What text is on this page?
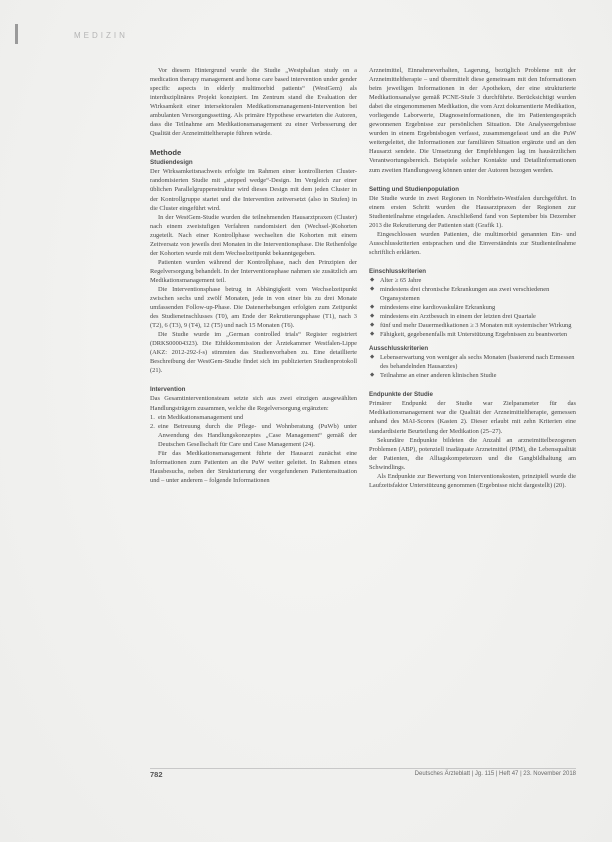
MEDIZIN

Vor diesem Hintergrund wurde die Studie „Westphalian study on a medication therapy management and home care based intervention under gender specific aspects in elderly multimorbid patients“ (WestGem) als interdisziplinäres Projekt konzipiert. Im Zentrum stand die Evaluation der Wirksamkeit einer intersektoralen Medikationsmanagement-Intervention bei ambulanten Versorgungssetting. Als primäre Hypothese erwarteten die Autoren, dass die Teilnahme am Medikationsmanagement zu einer Verbesserung der Qualität der Arzneimitteltherapie führen würde.

Methode
Studiendesign

Der Wirksamkeitsnachweis erfolgte im Rahmen einer kontrollierten Cluster-randomisierten Studie mit „stepped wedge“-Design. Im Vergleich zur einer üblichen Parallelgruppenstruktur wird dieses Design mit dem jeden Cluster in der Kontrollgruppe startet und die Intervention zeitversetzt (also in Stufen) in die Cluster eingeführt wird.

In der WestGem-Studie wurden die teilnehmenden Hausarztpraxen (Cluster) nach einem zweistufigen Verfahren randomisiert den (Wechsel-)Kohorten zugeteilt. Nach einer Kontrollphase wechselten die Kohorten mit einem Zeitversatz von jeweils drei Monaten in die Interventionsphase. Die Reihenfolge der Kohorten wurde mit dem Wechselzeitpunkt bekanntgegeben.

Patienten wurden während der Kontrollphase, nach den Prinzipien der Regelversorgung behandelt. In der Interventionsphase nahmen sie zusätzlich am Medikationsmanagement teil.

Die Interventionsphase betrug in Abhängigkeit vom Wechselzeitpunkt zwischen sechs und zwölf Monaten, jede in von einer bis zu drei Monate umfassenden Follow-up-Phase. Die Datenerhebungen erfolgten zum Zeitpunkt des Studieneinschlusses (T0), am Ende der Rekrutierungsphase (T1), nach 3 (T2), 6 (T3), 9 (T4), 12 (T5) und nach 15 Monaten (T6).

Die Studie wurde im „German controlled trials“ Register registriert (DRKS00004323). Die Ethikkommission der Ärztekammer Westfalen-Lippe (AKZ: 2012-292-f-s) stimmten das Studienvorhaben zu. Eine detaillierte Beschreibung der WestGem-Studie findet sich im publizierten Studienprotokoll (21).

Intervention

Das Gesamtinterventionsteam setzte sich aus zwei einzigen ausgewählten Handlungsträgern zusammen, welche die Regelversorgung ergänzten:

1. ein Medikationsmanagement und
2. eine Betreuung durch die Pflege- und Wohnberatung (PuWb) unter Anwendung des Handlungskonzeptes „Case Management“ gemäß der Deutschen Gesellschaft für Care und Case Management (24).

Für das Medikationsmanagement führte der Hausarzt zunächst eine Informationen zum Patienten an die PuW weiter geleitet. In Rahmen eines Hausbesuchs, neben der Strukturierung der vorgefundenen Patientensituation und – unter anderem – folgende Informationen

Arzneimittel, Einnahmeverhalten, Lagerung, bezüglich Probleme mit der Arzneimitteltherapie – und übermittelt diese gemeinsam mit den Informationen beim jeweiligen Informationen in der Apotheken, der eine strukturierte Medikationsanalyse gemäß PCNE-Stufe 3 durchführte. Berücksichtigt wurden dabei die eingenommenen Medikation, die vom Arzt dokumentierte Medikation, vorliegende Laborwerte, Diagnoseinformationen, die im Patientengespräch gewonnenen Ergebnisse zur persönlichen Situation. Die Analyseergebnisse wurden in einem Ergebnisbogen verfasst, zusammengefasst und an die PuW weitergeleitet, die Informationen zur familiären Situation ergänzte und an den Hausarzt sendete. Die Umsetzung der Empfehlungen lag im hausärztlichen Verantwortungsbereich. Beispiele solcher Kontakte und Detailinformationen zum zweiten Handlungsweg können unter der Autoren bezogen werden.

Setting und Studienpopulation

Die Studie wurde in zwei Regionen in Nordrhein-Westfalen durchgeführt. In einem ersten Schritt wurden die Hausarztpraxen der Regionen zur Studienteilnahme eingeladen. Anschließend fand von September bis Dezember 2013 die Rekrutierung der Patienten statt (Grafik 1).

Eingeschlossen wurden Patienten, die multimorbid genannten Ein- und Ausschlusskriterien entsprachen und die Einverständnis zur Studienteilnahme schriftlich erklärten.

Einschlusskriterien
◆ Alter ≥ 65 Jahre
◆ mindestens drei chronische Erkrankungen aus zwei verschiedenen Organsystemen
◆ mindestens eine kardiovaskuläre Erkrankung
◆ mindestens ein Arztbesuch in einem der letzten drei Quartale
◆ fünf und mehr Dauermedikationen ≥ 3 Monaten mit systemischer Wirkung
◆ Fähigkeit, gegebenenfalls mit Unterstützung Ergebnissen zu beantworten
Ausschlusskriterien
◆ Lebenserwartung von weniger als sechs Monaten (basierend nach Ermessen des behandelnden Hausarztes)
◆ Teilnahme an einer anderen klinischen Studie
Endpunkte der Studie

Primärer Endpunkt der Studie war Zielparameter für das Medikationsmanagement war die Qualität der Arzneimitteltherapie, gemessen anhand des MAI-Scores (Kasten 2). Dieser erlaubt mit zehn Kriterien eine standardisierte Beurteilung der Medikation (25–27).

Sekundäre Endpunkte bildeten die Anzahl an arzneimittelbezogenen Problemen (ABP), potenziell inadäquate Arzneimittel (PIM), die Lebensqualität der Patienten, die Alltagskompetenzen und die Gangbildhaltung am Schwindlings.

Als Endpunkte zur Bewertung von Interventionskosten, prinzipiell wurde die Laufzeitsfaktor Unterstützung genommen (Ergebnisse nicht dargestellt) (20).

782	Deutsches Ärzteblatt | Jg. 115 | Heft 47 | 23. November 2018
